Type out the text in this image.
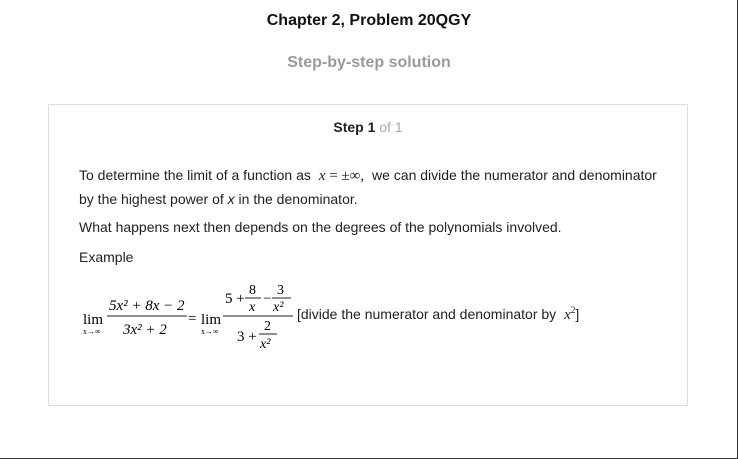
Chapter 2, Problem 20QGY
Step-by-step solution
Step 1 of 1
To determine the limit of a function as x = ±∞, we can divide the numerator and denominator by the highest power of x in the denominator.
What happens next then depends on the degrees of the polynomials involved.
Example
lim
x→∞
5x² + 8x − 2
3x² + 2
= lim
x→∞
5 +
8
x
−
3
x²
3 +
2
x²
[divide the numerator and denominator by $x^2$]
